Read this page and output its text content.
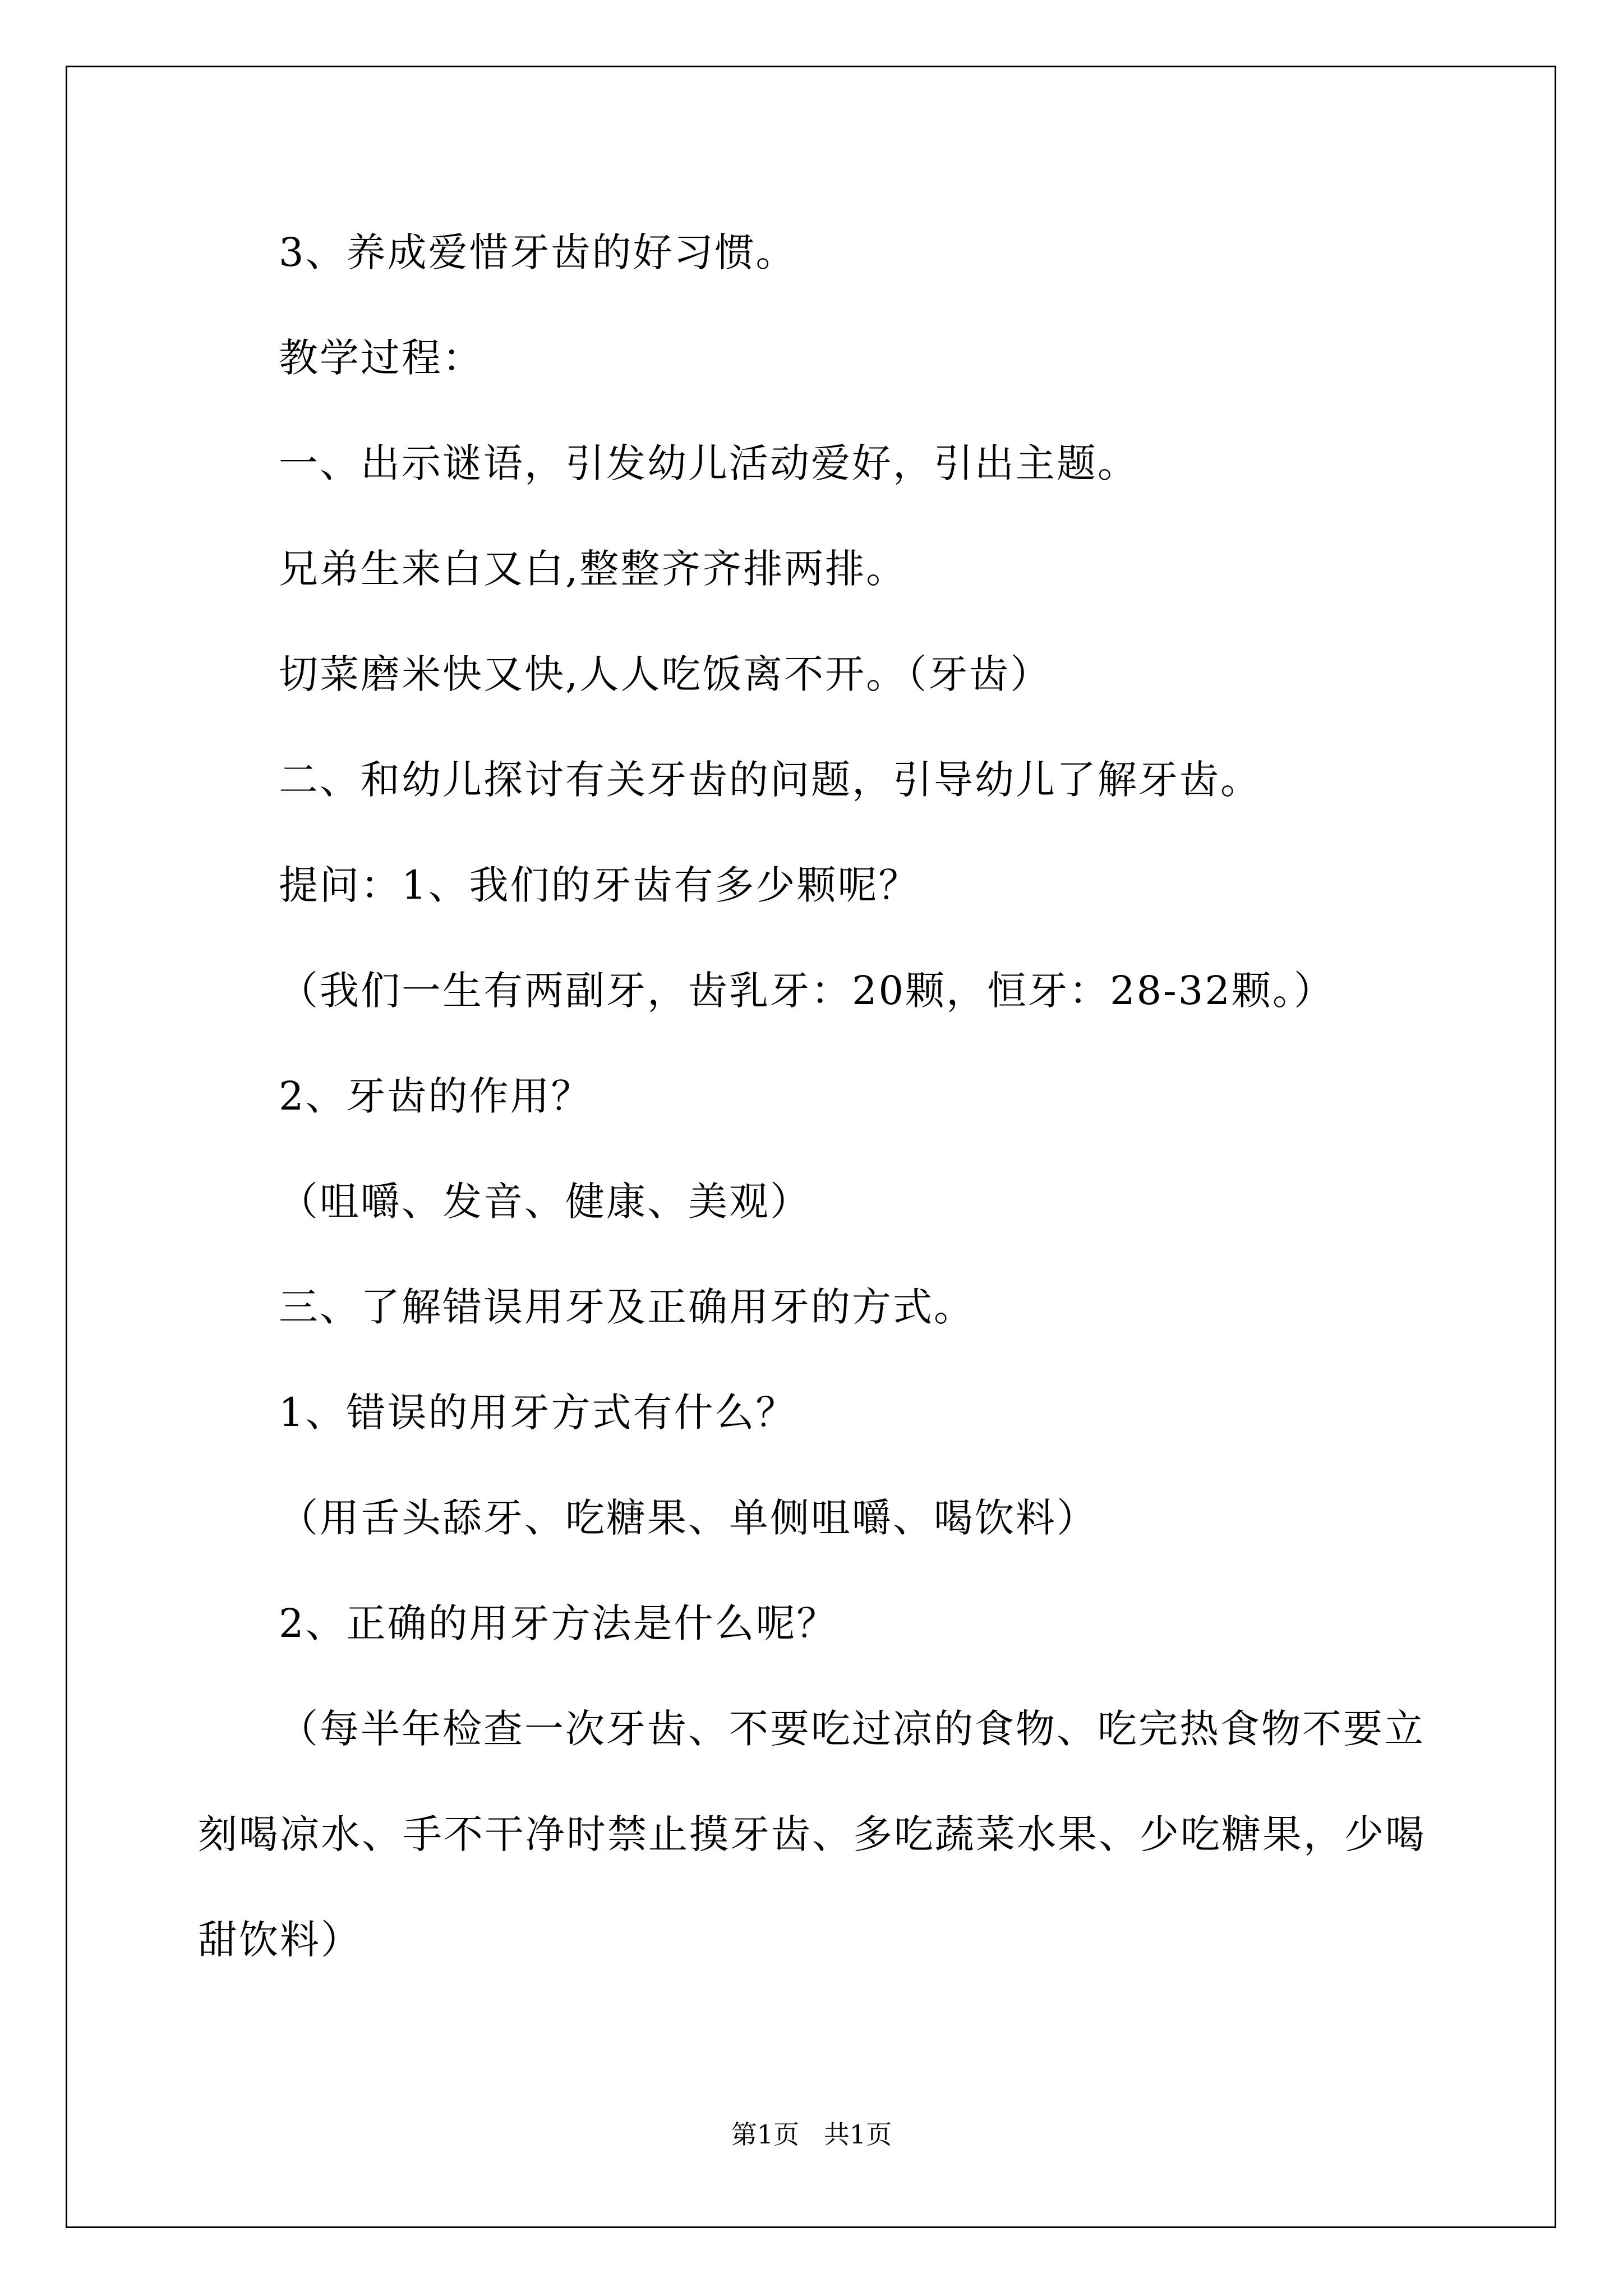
3、养成爱惜牙齿的好习惯。
教学过程：
一、出示谜语，引发幼儿活动爱好，引出主题。
兄弟生来白又白,整整齐齐排两排。
切菜磨米快又快,人人吃饭离不开。（牙齿）
二、和幼儿探讨有关牙齿的问题，引导幼儿了解牙齿。
提问：1、我们的牙齿有多少颗呢？
（我们一生有两副牙，齿乳牙：20颗，恒牙：28-32颗。）
2、牙齿的作用？
（咀嚼、发音、健康、美观）
三、了解错误用牙及正确用牙的方式。
1、错误的用牙方式有什么？
（用舌头舔牙、吃糖果、单侧咀嚼、喝饮料）
2、正确的用牙方法是什么呢？
（每半年检查一次牙齿、不要吃过凉的食物、吃完热食物不要立
刻喝凉水、手不干净时禁止摸牙齿、多吃蔬菜水果、少吃糖果，少喝
甜饮料）
第1页   共1页
